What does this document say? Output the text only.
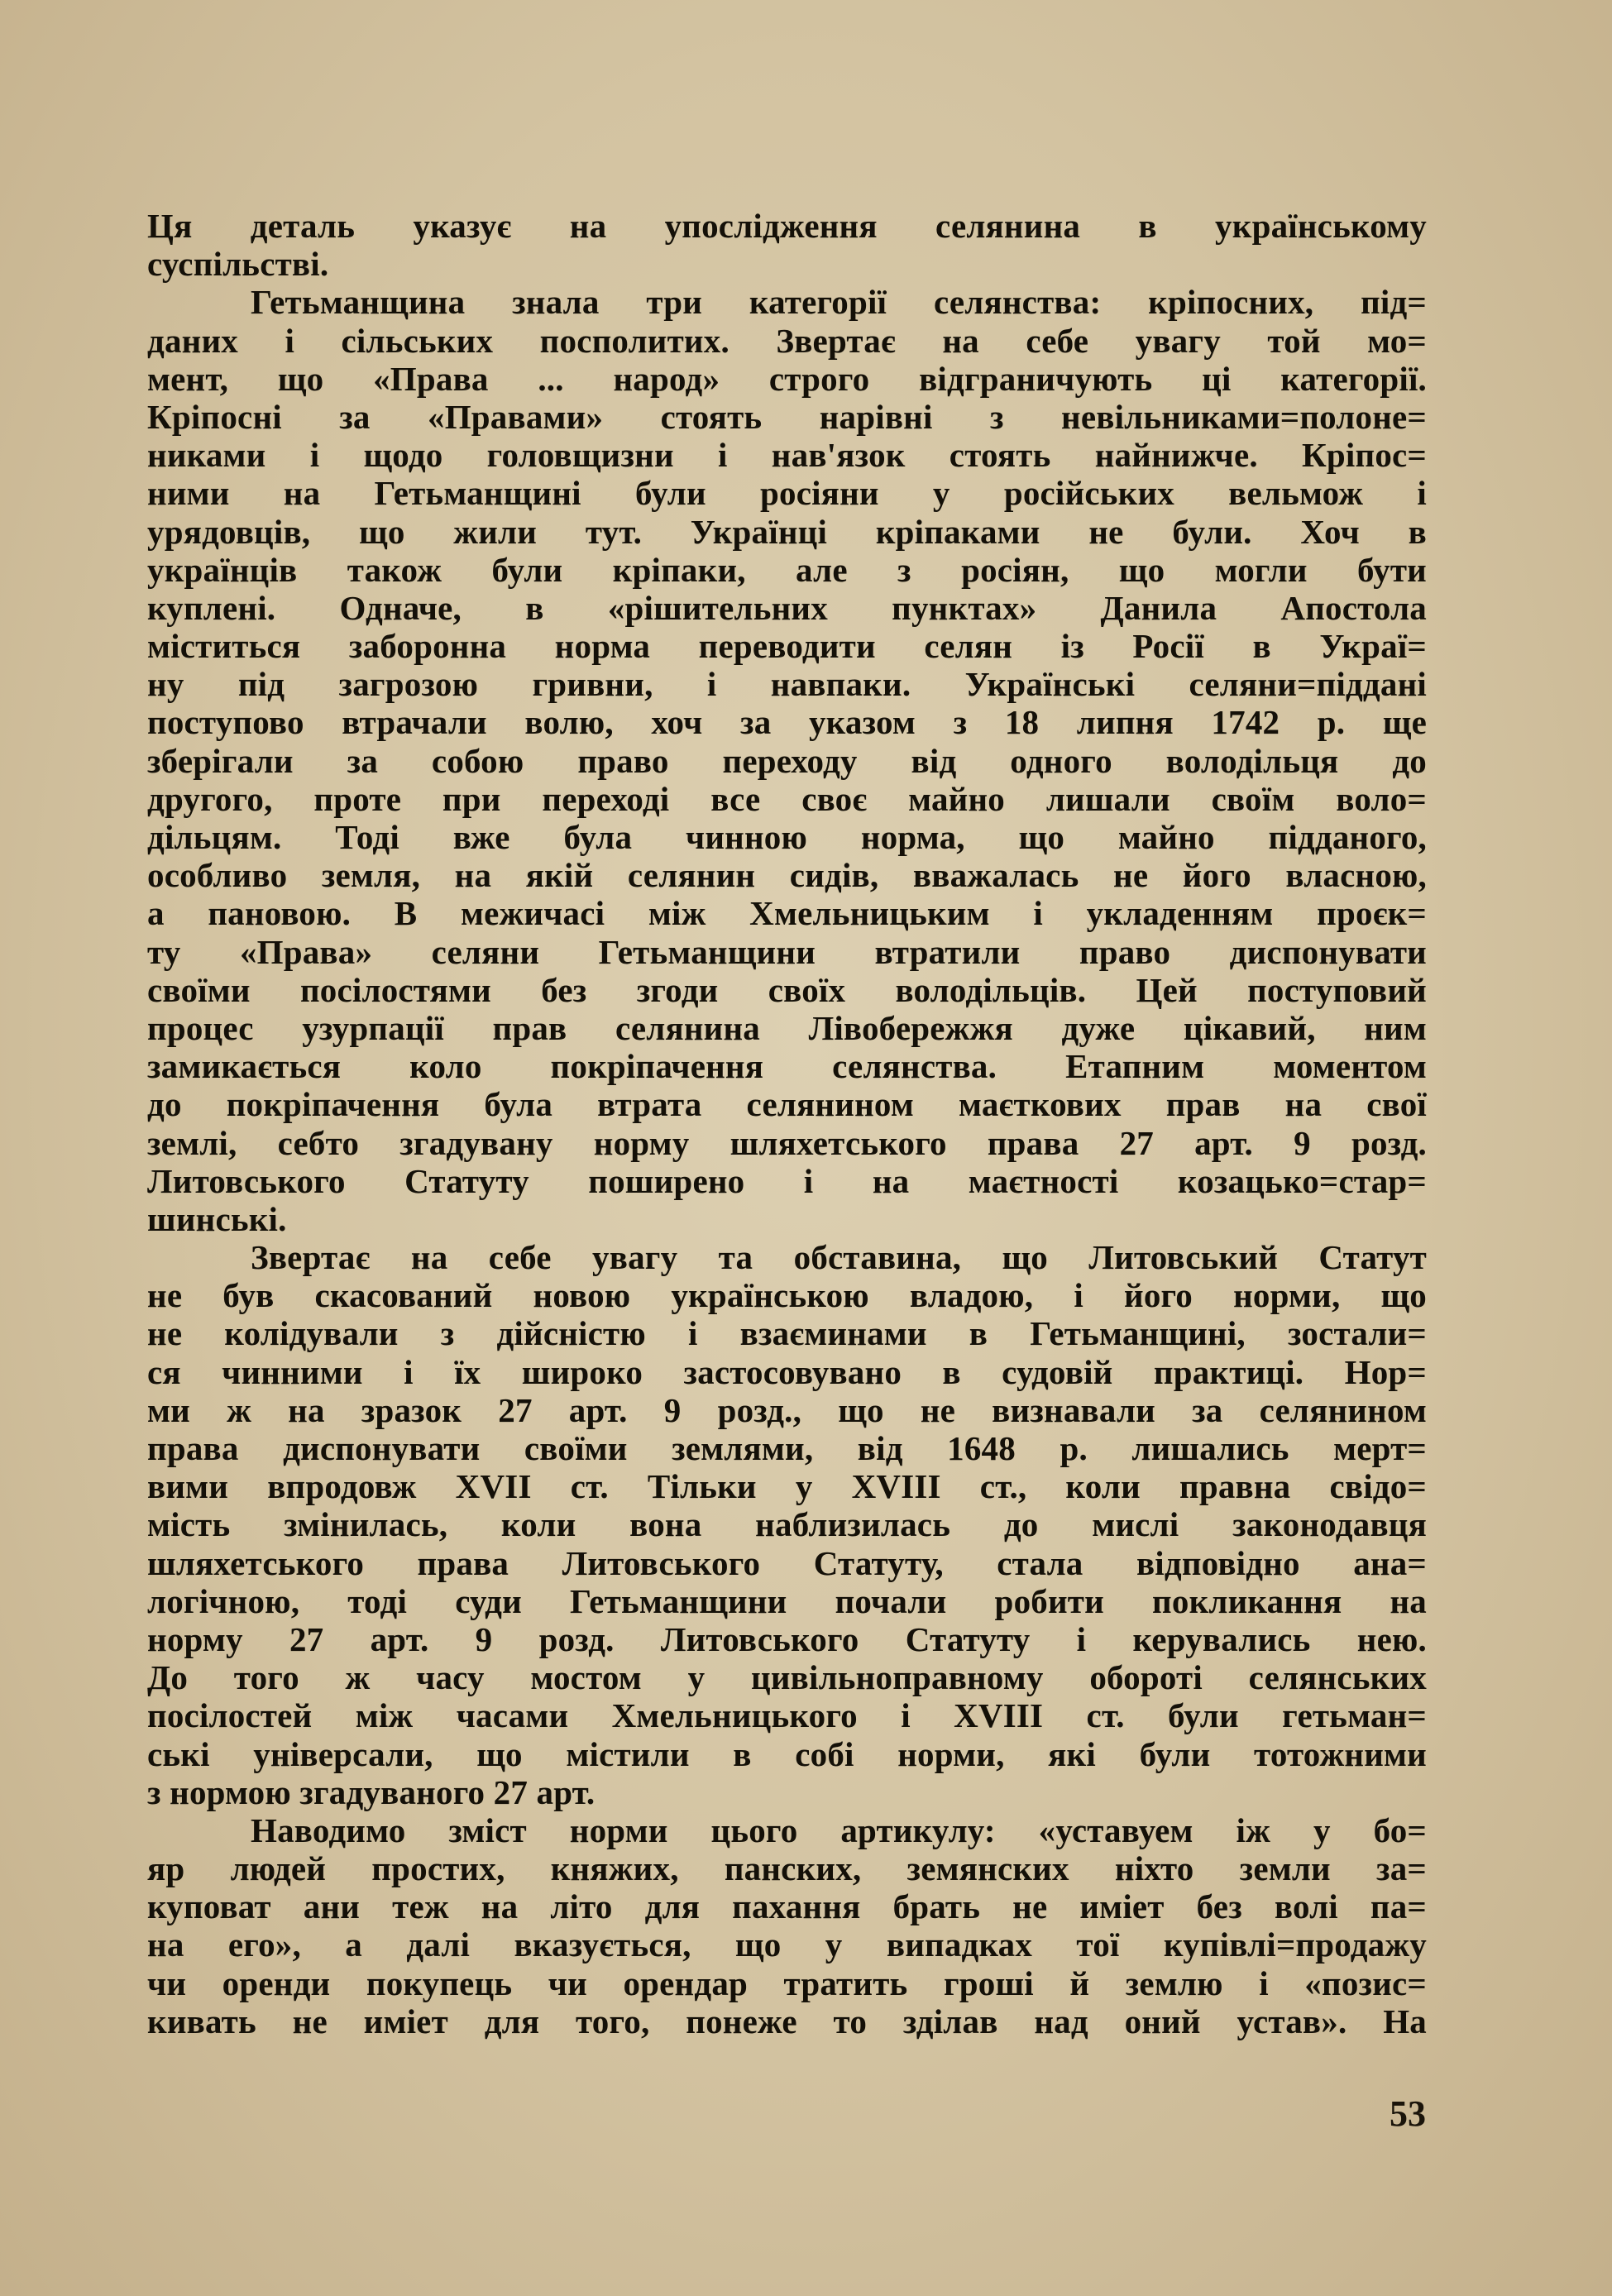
Ця деталь указує на упослідження селянина в українському
суспільстві.
Гетьманщина знала три категорії селянства: кріпосних, під=
даних і сільських посполитих. Звертає на себе увагу той мо=
мент, що «Права ... народ» строго відграничують ці категорії.
Кріпосні за «Правами» стоять нарівні з невільниками=полоне=
никами і щодо головщизни і нав'язок стоять найнижче. Кріпос=
ними на Гетьманщині були росіяни у російських вельмож і
урядовців, що жили тут. Українці кріпаками не були. Хоч в
українців також були кріпаки, але з росіян, що могли бути
куплені. Одначе, в «рішительних пунктах» Данила Апостола
міститься заборонна норма переводити селян із Росії в Украї=
ну під загрозою гривни, і навпаки. Українські селяни=піддані
поступово втрачали волю, хоч за указом з 18 липня 1742 р. ще
зберігали за собою право переходу від одного володільця до
другого, проте при переході все своє майно лишали своїм воло=
дільцям. Тоді вже була чинною норма, що майно підданого,
особливо земля, на якій селянин сидів, вважалась не його власною,
а пановою. В межичасі між Хмельницьким і укладенням проєк=
ту «Права» селяни Гетьманщини втратили право диспонувати
своїми посілостями без згоди своїх володільців. Цей поступовий
процес узурпації прав селянина Лівобережжя дуже цікавий, ним
замикається коло покріпачення селянства. Етапним моментом
до покріпачення була втрата селянином маєткових прав на свої
землі, себто згадувану норму шляхетського права 27 арт. 9 розд.
Литовського Статуту поширено і на маєтності козацько=стар=
шинські.
Звертає на себе увагу та обставина, що Литовський Статут
не був скасований новою українською владою, і його норми, що
не колідували з дійсністю і взаєминами в Гетьманщині, зостали=
ся чинними і їх широко застосовувано в судовій практиці. Нор=
ми ж на зразок 27 арт. 9 розд., що не визнавали за селянином
права диспонувати своїми землями, від 1648 р. лишались мерт=
вими впродовж XVII ст. Тільки у XVIII ст., коли правна свідо=
мість змінилась, коли вона наблизилась до мислі законодавця
шляхетського права Литовського Статуту, стала відповідно ана=
логічною, тоді суди Гетьманщини почали робити покликання на
норму 27 арт. 9 розд. Литовського Статуту і керувались нею.
До того ж часу мостом у цивільноправному обороті селянських
посілостей між часами Хмельницького і XVIII ст. були гетьман=
ські універсали, що містили в собі норми, які були тотожними
з нормою згадуваного 27 арт.
Наводимо зміст норми цього артикулу: «уставуем іж у бо=
яр людей простих, княжих, панских, земянских ніхто земли за=
куповат ани теж на літо для пахання брать не иміет без волі па=
на его», а далі вказується, що у випадках тої купівлі=продажу
чи оренди покупець чи орендар тратить гроші й землю і «позис=
кивать не иміет для того, понеже то зділав над оний устав». На
53
